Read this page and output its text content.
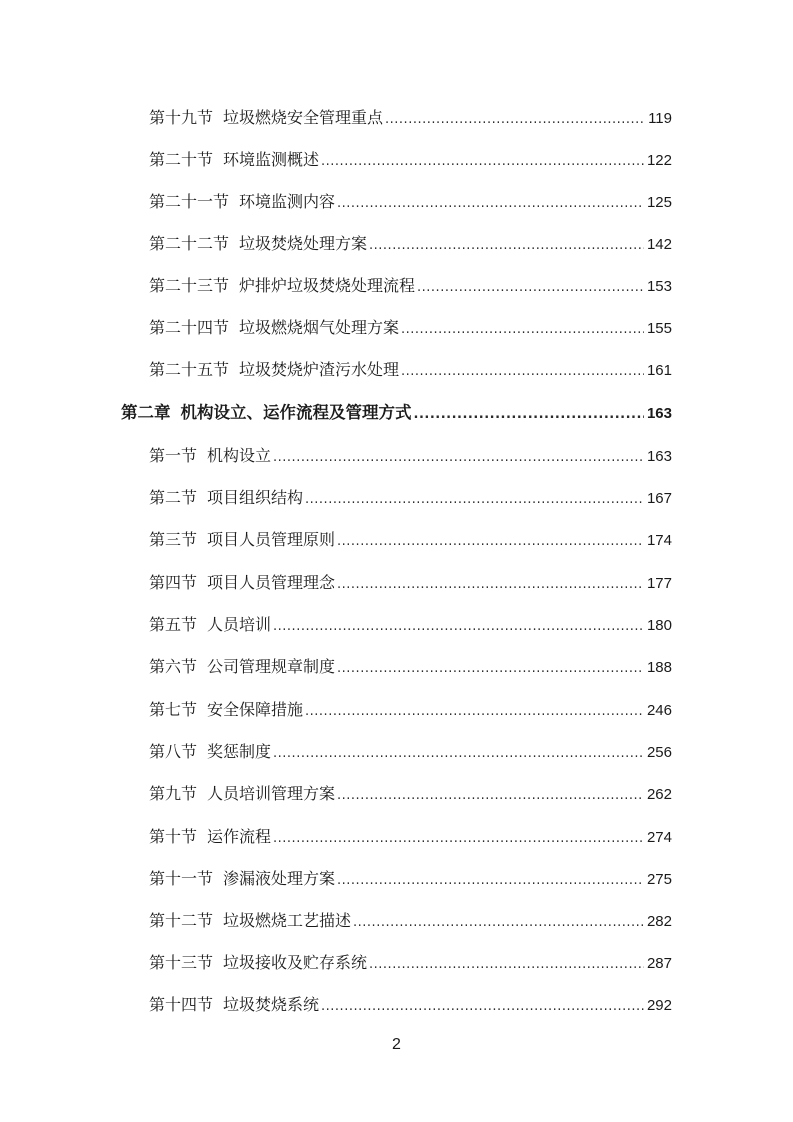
第十九节 垃圾燃烧安全管理重点 .....	119
第二十节 环境监测概述 .....	122
第二十一节 环境监测内容 .....	125
第二十二节 垃圾焚烧处理方案 .....	142
第二十三节 炉排炉垃圾焚烧处理流程 .....	153
第二十四节 垃圾燃烧烟气处理方案 .....	155
第二十五节 垃圾焚烧炉渣污水处理 .....	161
第二章 机构设立、运作流程及管理方式 .....	163
第一节 机构设立 .....	163
第二节 项目组织结构 .....	167
第三节 项目人员管理原则 .....	174
第四节 项目人员管理理念 .....	177
第五节 人员培训 .....	180
第六节 公司管理规章制度 .....	188
第七节 安全保障措施 .....	246
第八节 奖惩制度 .....	256
第九节 人员培训管理方案 .....	262
第十节 运作流程 .....	274
第十一节 渗漏液处理方案 .....	275
第十二节 垃圾燃烧工艺描述 .....	282
第十三节 垃圾接收及贮存系统 .....	287
第十四节 垃圾焚烧系统 .....	292
2
